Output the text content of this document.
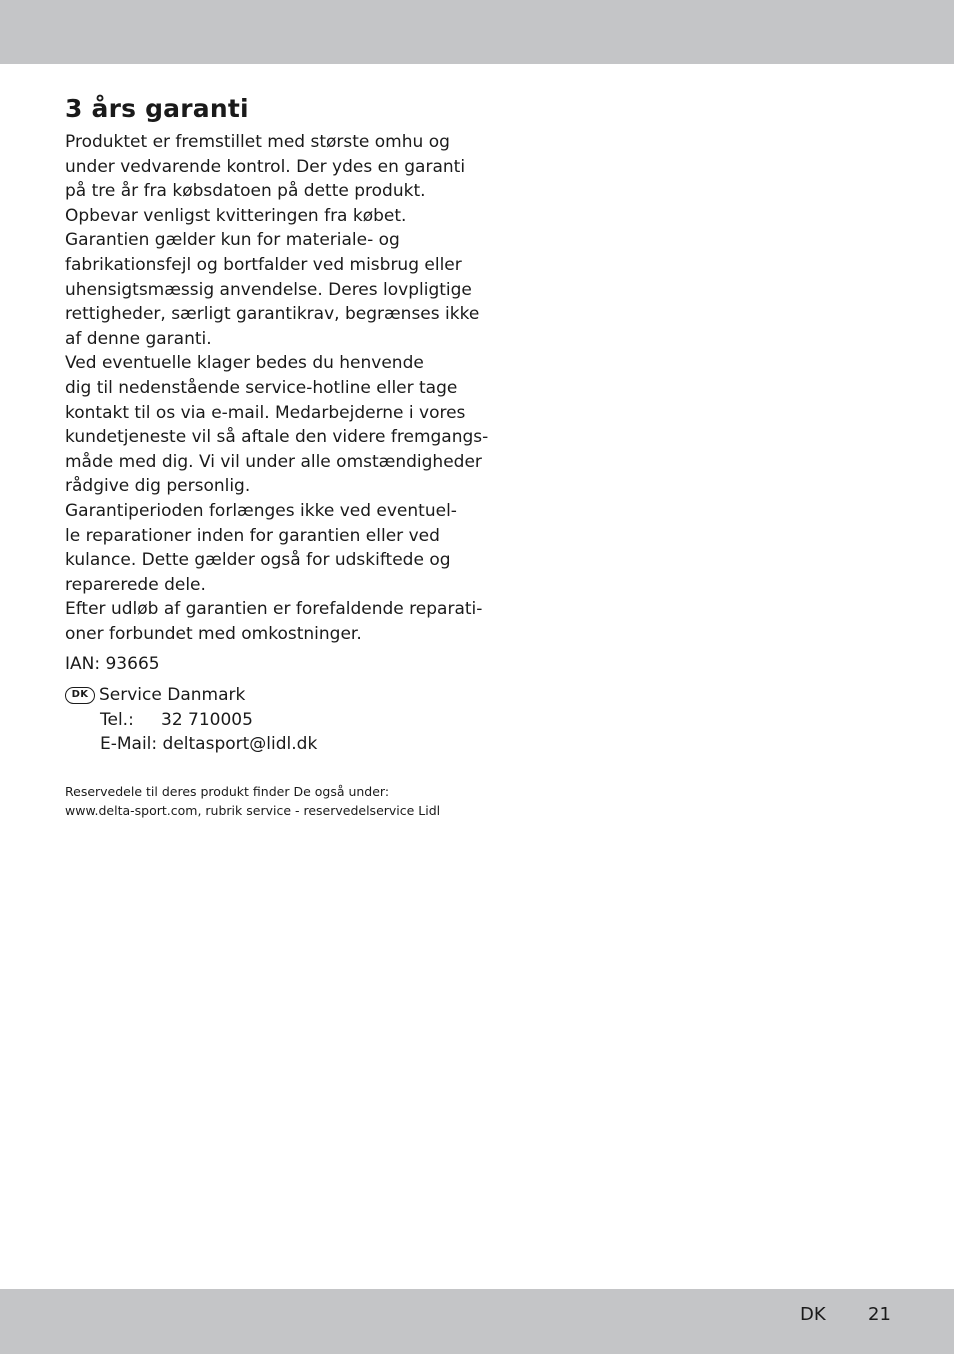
3 års garanti

Produktet er fremstillet med største omhu og
under vedvarende kontrol. Der ydes en garanti
på tre år fra købsdatoen på dette produkt.
Opbevar venligst kvitteringen fra købet.
Garantien gælder kun for materiale- og
fabrikationsfejl og bortfalder ved misbrug eller
uhensigtsmæssig anvendelse. Deres lovpligtige
rettigheder, særligt garantikrav, begrænses ikke
af denne garanti.

Ved eventuelle klager bedes du henvende
dig til nedenstående service-hotline eller tage
kontakt til os via e-mail. Medarbejderne i vores
kundetjeneste vil så aftale den videre fremgangs-
måde med dig. Vi vil under alle omstændigheder
rådgive dig personlig.

Garantiperioden forlænges ikke ved eventuel-
le reparationer inden for garantien eller ved
kulance. Dette gælder også for udskiftede og
reparerede dele.

Efter udløb af garantien er forefaldende reparati-
oner forbundet med omkostninger.

IAN: 93665

DK Service Danmark
Tel.: 32 710005
E-Mail: deltasport@lidl.dk
Reservedele til deres produkt finder De også under:
www.delta-sport.com, rubrik service - reservedelservice Lidl
DK 21
